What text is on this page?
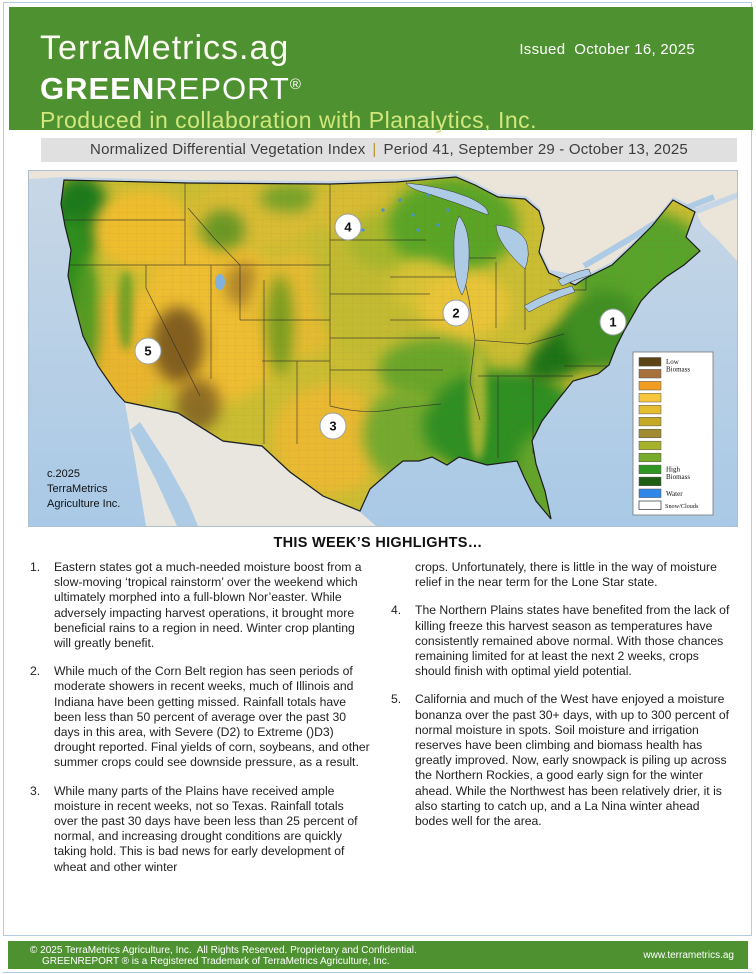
TerraMetrics.ag
GREENREPORT®
Produced in collaboration with Planalytics, Inc.
Issued  October 16, 2025
Normalized Differential Vegetation Index | Period 41, September 29 - October 13, 2025
Low
Biomass
High
Biomass
Water
Snow/Clouds
c.2025
TerraMetrics
Agriculture Inc.
1
2
3
4
5
THIS WEEK’S HIGHLIGHTS…
1.	Eastern states got a much-needed moisture boost from a slow-moving ‘tropical rainstorm’ over the weekend which ultimately morphed into a full-blown Nor’easter. While adversely impacting harvest operations, it brought more beneficial rains to a region in need. Winter crop planting will greatly benefit.
2.	While much of the Corn Belt region has seen periods of moderate showers in recent weeks, much of Illinois and Indiana have been getting missed. Rainfall totals have been less than 50 percent of average over the past 30 days in this area, with Severe (D2) to Extreme ()D3) drought reported. Final yields of corn, soybeans, and other summer crops could see downside pressure, as a result.
3.	While many parts of the Plains have received ample moisture in recent weeks, not so Texas. Rainfall totals over the past 30 days have been less than 25 percent of normal, and increasing drought conditions are quickly taking hold. This is bad news for early development of wheat and other winter
crops. Unfortunately, there is little in the way of moisture relief in the near term for the Lone Star state.
4.	The Northern Plains states have benefited from the lack of killing freeze this harvest season as temperatures have consistently remained above normal. With those chances remaining limited for at least the next 2 weeks, crops should finish with optimal yield potential.
5.	California and much of the West have enjoyed a moisture bonanza over the past 30+ days, with up to 300 percent of normal moisture in spots. Soil moisture and irrigation reserves have been climbing and biomass health has greatly improved. Now, early snowpack is piling up across the Northern Rockies, a good early sign for the winter ahead. While the Northwest has been relatively drier, it is also starting to catch up, and a La Nina winter ahead bodes well for the area.
© 2025 TerraMetrics Agriculture, Inc.  All Rights Reserved. Proprietary and Confidential.
GREENREPORT ® is a Registered Trademark of TerraMetrics Agriculture, Inc.
www.terrametrics.ag
